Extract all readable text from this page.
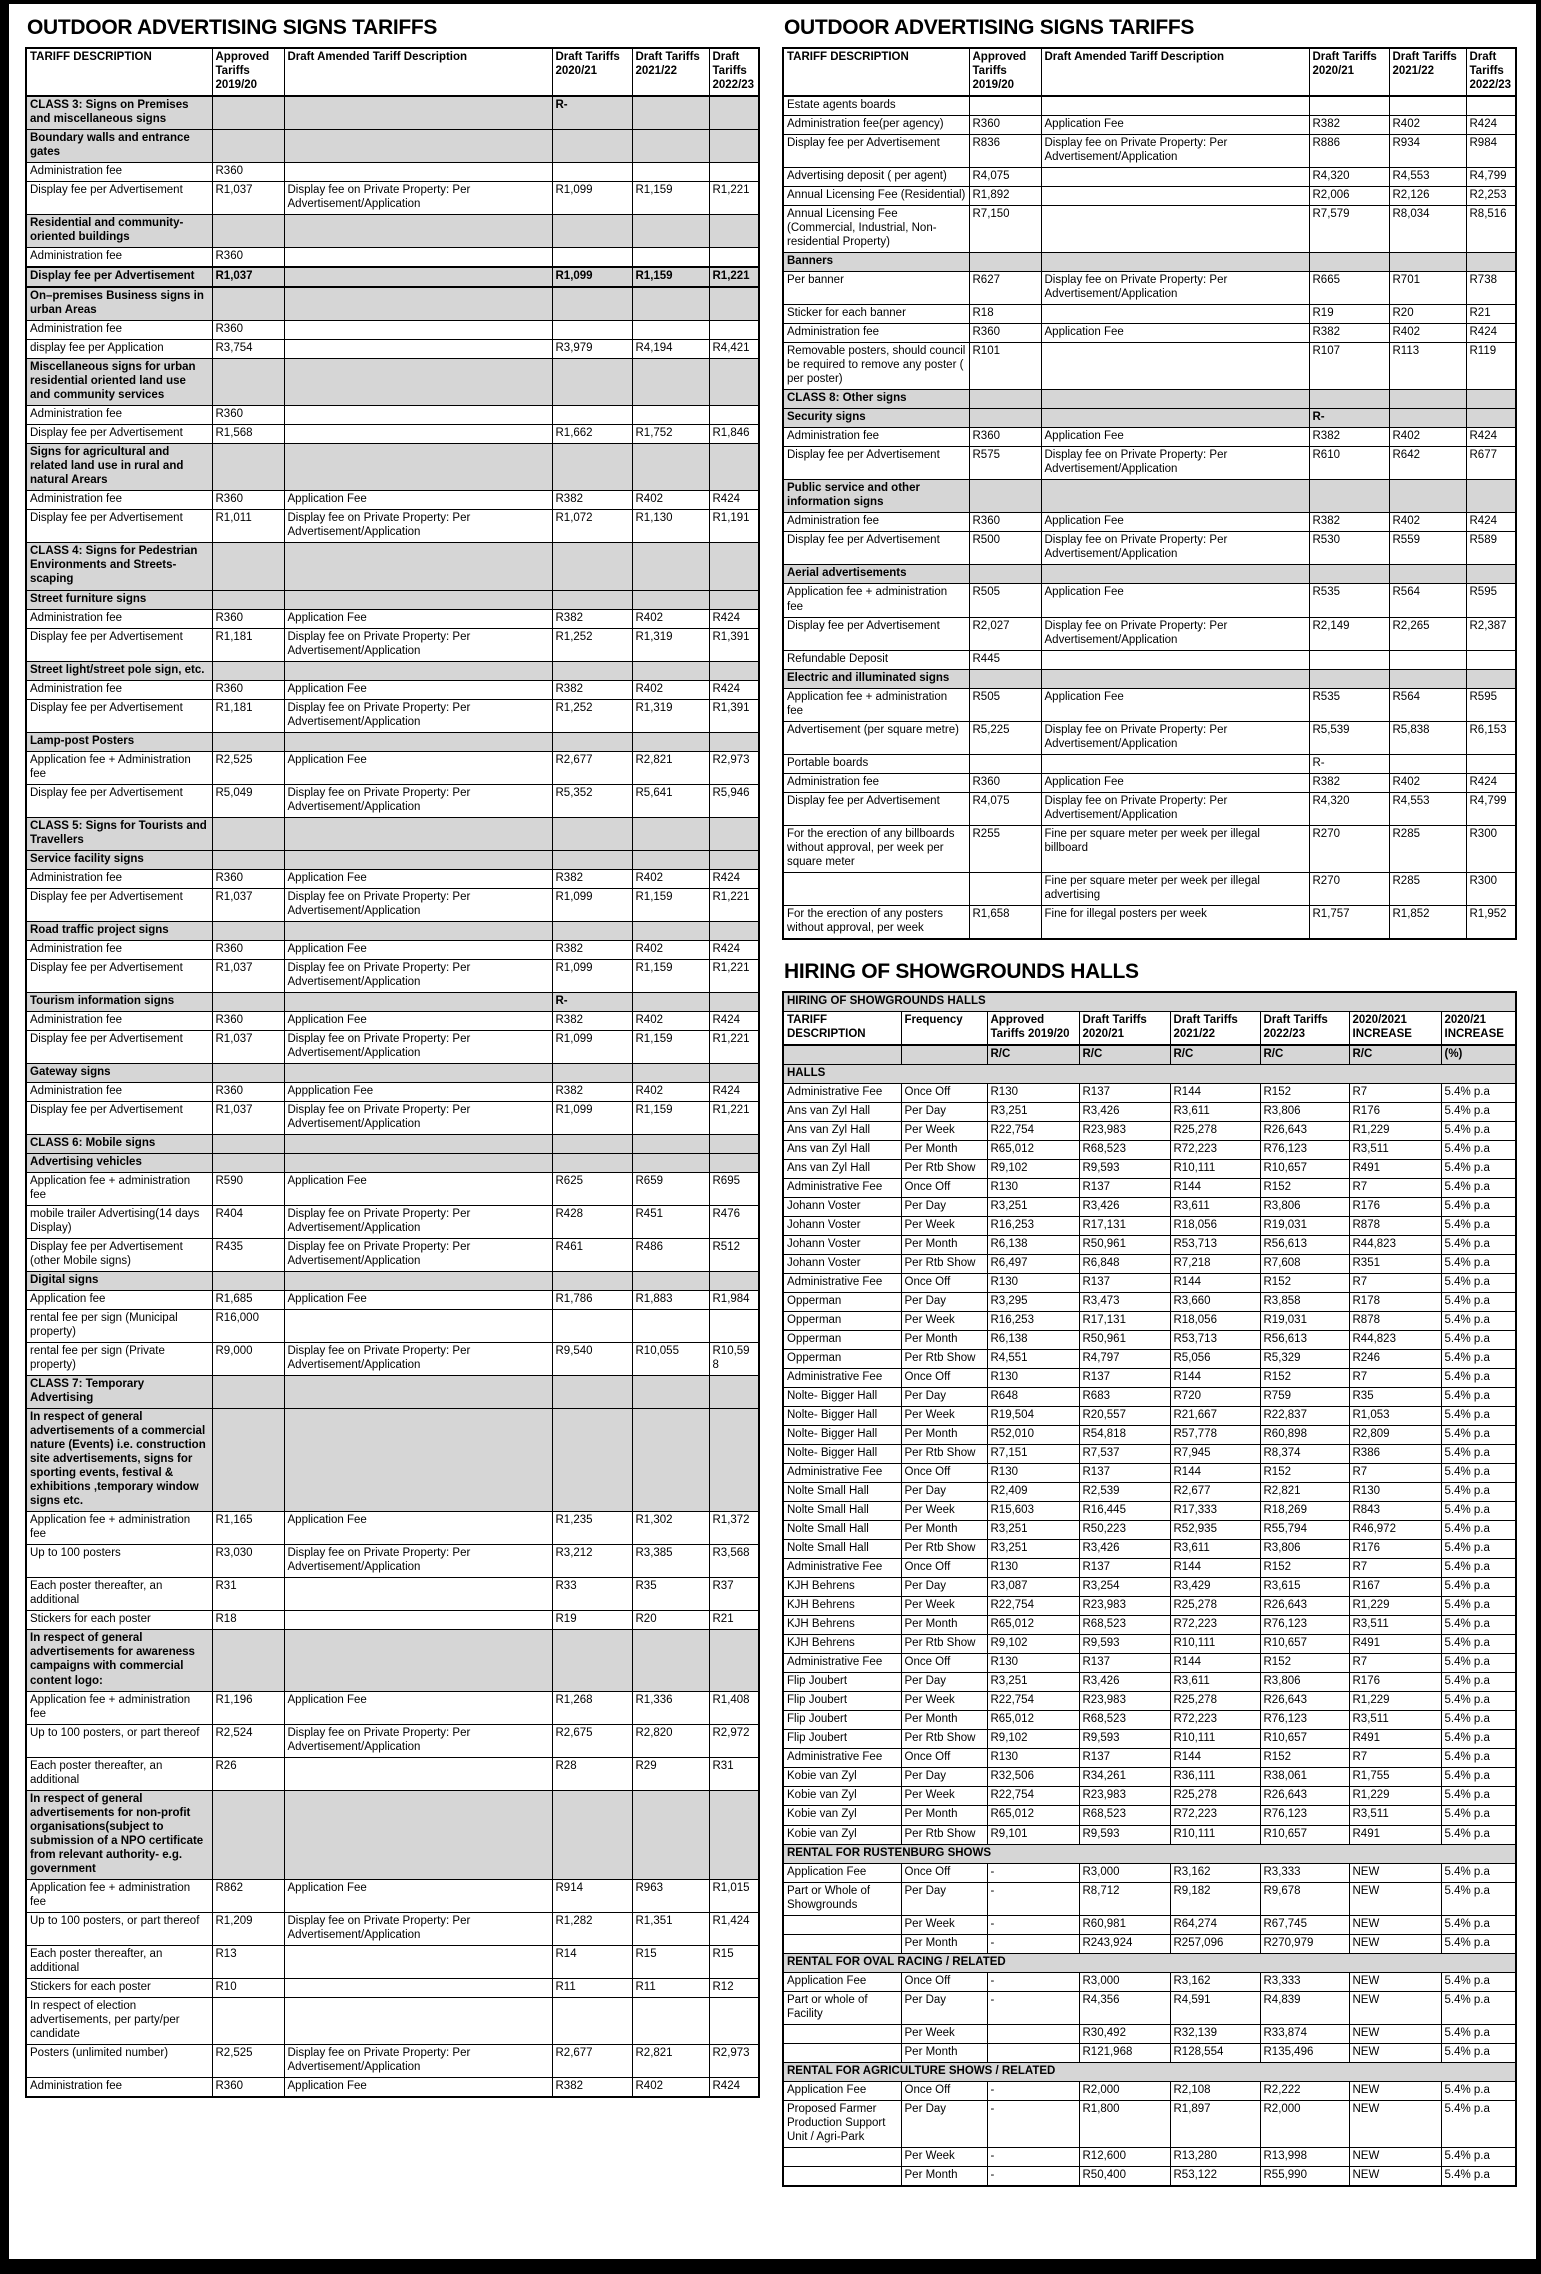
OUTDOOR ADVERTISING SIGNS TARIFFS
TARIFF DESCRIPTION	Approved Tariffs 2019/20	Draft Amended Tariff Description	Draft Tariffs 2020/21	Draft Tariffs 2021/22	Draft Tariffs 2022/23
CLASS 3: Signs on Premises and miscellaneous signs			R-		
Boundary walls and entrance gates					
Administration fee	R360				
Display fee per Advertisement	R1,037	Display fee on Private Property: Per Advertisement/Application	R1,099	R1,159	R1,221
Residential and community-oriented buildings					
Administration fee	R360				
Display fee per Advertisement	R1,037		R1,099	R1,159	R1,221
On–premises Business signs in urban Areas					
Administration fee	R360				
display fee per Application	R3,754		R3,979	R4,194	R4,421
Miscellaneous signs for urban residential oriented land use and community services					
Administration fee	R360				
Display fee per Advertisement	R1,568		R1,662	R1,752	R1,846
Signs for agricultural and related land use in rural and natural Arears					
Administration fee	R360	Application Fee	R382	R402	R424
Display fee per Advertisement	R1,011	Display fee on Private Property: Per Advertisement/Application	R1,072	R1,130	R1,191
CLASS 4: Signs for Pedestrian Environments and Streets-scaping					
Street furniture signs					
Administration fee	R360	Application Fee	R382	R402	R424
Display fee per Advertisement	R1,181	Display fee on Private Property: Per Advertisement/Application	R1,252	R1,319	R1,391
Street light/street pole sign, etc.					
Administration fee	R360	Application Fee	R382	R402	R424
Display fee per Advertisement	R1,181	Display fee on Private Property: Per Advertisement/Application	R1,252	R1,319	R1,391
Lamp-post Posters					
Application fee + Administration fee	R2,525	Application Fee	R2,677	R2,821	R2,973
Display fee per Advertisement	R5,049	Display fee on Private Property: Per Advertisement/Application	R5,352	R5,641	R5,946
CLASS 5: Signs for Tourists and Travellers					
Service facility signs					
Administration fee	R360	Application Fee	R382	R402	R424
Display fee per Advertisement	R1,037	Display fee on Private Property: Per Advertisement/Application	R1,099	R1,159	R1,221
Road traffic project signs					
Administration fee	R360	Application Fee	R382	R402	R424
Display fee per Advertisement	R1,037	Display fee on Private Property: Per Advertisement/Application	R1,099	R1,159	R1,221
Tourism information signs			R-		
Administration fee	R360	Application Fee	R382	R402	R424
Display fee per Advertisement	R1,037	Display fee on Private Property: Per Advertisement/Application	R1,099	R1,159	R1,221
Gateway signs					
Administration fee	R360	Appplication Fee	R382	R402	R424
Display fee per Advertisement	R1,037	Display fee on Private Property: Per Advertisement/Application	R1,099	R1,159	R1,221
CLASS 6: Mobile signs					
Advertising vehicles					
Application fee + administration fee	R590	Application Fee	R625	R659	R695
mobile trailer Advertising(14 days Display)	R404	Display fee on Private Property: Per Advertisement/Application	R428	R451	R476
Display fee per Advertisement (other Mobile signs)	R435	Display fee on Private Property: Per Advertisement/Application	R461	R486	R512
Digital signs					
Application fee	R1,685	Application Fee	R1,786	R1,883	R1,984
rental fee per sign (Municipal property)	R16,000				
rental fee per sign (Private property)	R9,000	Display fee on Private Property: Per Advertisement/Application	R9,540	R10,055	R10,598
CLASS 7: Temporary Advertising					
In respect of general advertisements of a commercial nature (Events) i.e. construction site advertisements, signs for sporting events, festival & exhibitions ,temporary window signs etc.					
Application fee + administration fee	R1,165	Application Fee	R1,235	R1,302	R1,372
Up to 100 posters	R3,030	Display fee on Private Property: Per Advertisement/Application	R3,212	R3,385	R3,568
Each poster thereafter, an additional	R31		R33	R35	R37
Stickers for each poster	R18		R19	R20	R21
In respect of general advertisements for awareness campaigns with commercial content logo:					
Application fee + administration fee	R1,196	Application Fee	R1,268	R1,336	R1,408
Up to 100 posters, or part thereof	R2,524	Display fee on Private Property: Per Advertisement/Application	R2,675	R2,820	R2,972
Each poster thereafter, an additional	R26		R28	R29	R31
In respect of general advertisements for non-profit organisations(subject to submission of a NPO certificate from relevant authority- e.g. government					
Application fee + administration fee	R862	Application Fee	R914	R963	R1,015
Up to 100 posters, or part thereof	R1,209	Display fee on Private Property: Per Advertisement/Application	R1,282	R1,351	R1,424
Each poster thereafter, an additional	R13		R14	R15	R15
Stickers for each poster	R10		R11	R11	R12
In respect of election advertisements, per party/per candidate					
Posters (unlimited number)	R2,525	Display fee on Private Property: Per Advertisement/Application	R2,677	R2,821	R2,973
Administration fee	R360	Application Fee	R382	R402	R424
OUTDOOR ADVERTISING SIGNS TARIFFS
TARIFF DESCRIPTION	Approved Tariffs 2019/20	Draft Amended Tariff Description	Draft Tariffs 2020/21	Draft Tariffs 2021/22	Draft Tariffs 2022/23
Estate agents boards					
Administration fee(per agency)	R360	Application Fee	R382	R402	R424
Display fee per Advertisement	R836	Display fee on Private Property: Per Advertisement/Application	R886	R934	R984
Advertising deposit ( per agent)	R4,075		R4,320	R4,553	R4,799
Annual Licensing Fee (Residential)	R1,892		R2,006	R2,126	R2,253
Annual Licensing Fee (Commercial, Industrial, Non-residential Property)	R7,150		R7,579	R8,034	R8,516
Banners					
Per banner	R627	Display fee on Private Property: Per Advertisement/Application	R665	R701	R738
Sticker for each banner	R18		R19	R20	R21
Administration fee	R360	Application Fee	R382	R402	R424
Removable posters, should council be required to remove any poster ( per poster)	R101		R107	R113	R119
CLASS 8: Other signs					
Security signs			R-		
Administration fee	R360	Application Fee	R382	R402	R424
Display fee per Advertisement	R575	Display fee on Private Property: Per Advertisement/Application	R610	R642	R677
Public service and other information signs					
Administration fee	R360	Application Fee	R382	R402	R424
Display fee per Advertisement	R500	Display fee on Private Property: Per Advertisement/Application	R530	R559	R589
Aerial advertisements					
Application fee + administration fee	R505	Application Fee	R535	R564	R595
Display fee per Advertisement	R2,027	Display fee on Private Property: Per Advertisement/Application	R2,149	R2,265	R2,387
Refundable Deposit	R445				
Electric and illuminated signs					
Application fee + administration fee	R505	Application Fee	R535	R564	R595
Advertisement (per square metre)	R5,225	Display fee on Private Property: Per Advertisement/Application	R5,539	R5,838	R6,153
Portable boards			R-		
Administration fee	R360	Application Fee	R382	R402	R424
Display fee per Advertisement	R4,075	Display fee on Private Property: Per Advertisement/Application	R4,320	R4,553	R4,799
For the erection of any billboards without approval, per week per square meter	R255	Fine per square meter per week per illegal billboard	R270	R285	R300
		Fine per square meter per week per illegal advertising	R270	R285	R300
For the erection of any posters without approval, per week	R1,658	Fine for illegal posters per week	R1,757	R1,852	R1,952
HIRING OF SHOWGROUNDS HALLS
HIRING OF SHOWGROUNDS HALLS							
TARIFF DESCRIPTION	Frequency	Approved Tariffs 2019/20	Draft Tariffs 2020/21	Draft Tariffs 2021/22	Draft Tariffs 2022/23	2020/2021 INCREASE	2020/21 INCREASE
		R/C	R/C	R/C	R/C	R/C	(%)
HALLS							
Administrative Fee	Once Off	R130	R137	R144	R152	R7	5.4% p.a
Ans van Zyl Hall	Per Day	R3,251	R3,426	R3,611	R3,806	R176	5.4% p.a
Ans van Zyl Hall	Per Week	R22,754	R23,983	R25,278	R26,643	R1,229	5.4% p.a
Ans van Zyl Hall	Per Month	R65,012	R68,523	R72,223	R76,123	R3,511	5.4% p.a
Ans van Zyl Hall	Per Rtb Show	R9,102	R9,593	R10,111	R10,657	R491	5.4% p.a
Administrative Fee	Once Off	R130	R137	R144	R152	R7	5.4% p.a
Johann Voster	Per Day	R3,251	R3,426	R3,611	R3,806	R176	5.4% p.a
Johann Voster	Per Week	R16,253	R17,131	R18,056	R19,031	R878	5.4% p.a
Johann Voster	Per Month	R6,138	R50,961	R53,713	R56,613	R44,823	5.4% p.a
Johann Voster	Per Rtb Show	R6,497	R6,848	R7,218	R7,608	R351	5.4% p.a
Administrative Fee	Once Off	R130	R137	R144	R152	R7	5.4% p.a
Opperman	Per Day	R3,295	R3,473	R3,660	R3,858	R178	5.4% p.a
Opperman	Per Week	R16,253	R17,131	R18,056	R19,031	R878	5.4% p.a
Opperman	Per Month	R6,138	R50,961	R53,713	R56,613	R44,823	5.4% p.a
Opperman	Per Rtb Show	R4,551	R4,797	R5,056	R5,329	R246	5.4% p.a
Administrative Fee	Once Off	R130	R137	R144	R152	R7	5.4% p.a
Nolte- Bigger Hall	Per Day	R648	R683	R720	R759	R35	5.4% p.a
Nolte- Bigger Hall	Per Week	R19,504	R20,557	R21,667	R22,837	R1,053	5.4% p.a
Nolte- Bigger Hall	Per Month	R52,010	R54,818	R57,778	R60,898	R2,809	5.4% p.a
Nolte- Bigger Hall	Per Rtb Show	R7,151	R7,537	R7,945	R8,374	R386	5.4% p.a
Administrative Fee	Once Off	R130	R137	R144	R152	R7	5.4% p.a
Nolte Small Hall	Per Day	R2,409	R2,539	R2,677	R2,821	R130	5.4% p.a
Nolte Small Hall	Per Week	R15,603	R16,445	R17,333	R18,269	R843	5.4% p.a
Nolte Small Hall	Per Month	R3,251	R50,223	R52,935	R55,794	R46,972	5.4% p.a
Nolte Small Hall	Per Rtb Show	R3,251	R3,426	R3,611	R3,806	R176	5.4% p.a
Administrative Fee	Once Off	R130	R137	R144	R152	R7	5.4% p.a
KJH Behrens	Per Day	R3,087	R3,254	R3,429	R3,615	R167	5.4% p.a
KJH Behrens	Per Week	R22,754	R23,983	R25,278	R26,643	R1,229	5.4% p.a
KJH Behrens	Per Month	R65,012	R68,523	R72,223	R76,123	R3,511	5.4% p.a
KJH Behrens	Per Rtb Show	R9,102	R9,593	R10,111	R10,657	R491	5.4% p.a
Administrative Fee	Once Off	R130	R137	R144	R152	R7	5.4% p.a
Flip Joubert	Per Day	R3,251	R3,426	R3,611	R3,806	R176	5.4% p.a
Flip Joubert	Per Week	R22,754	R23,983	R25,278	R26,643	R1,229	5.4% p.a
Flip Joubert	Per Month	R65,012	R68,523	R72,223	R76,123	R3,511	5.4% p.a
Flip Joubert	Per Rtb Show	R9,102	R9,593	R10,111	R10,657	R491	5.4% p.a
Administrative Fee	Once Off	R130	R137	R144	R152	R7	5.4% p.a
Kobie van Zyl	Per Day	R32,506	R34,261	R36,111	R38,061	R1,755	5.4% p.a
Kobie van Zyl	Per Week	R22,754	R23,983	R25,278	R26,643	R1,229	5.4% p.a
Kobie van Zyl	Per Month	R65,012	R68,523	R72,223	R76,123	R3,511	5.4% p.a
Kobie van Zyl	Per Rtb Show	R9,101	R9,593	R10,111	R10,657	R491	5.4% p.a
RENTAL FOR RUSTENBURG SHOWS							
Application Fee	Once Off	-	R3,000	R3,162	R3,333	NEW	5.4% p.a
Part or Whole of Showgrounds	Per Day	-	R8,712	R9,182	R9,678	NEW	5.4% p.a
	Per Week	-	R60,981	R64,274	R67,745	NEW	5.4% p.a
	Per Month	-	R243,924	R257,096	R270,979	NEW	5.4% p.a
RENTAL FOR OVAL RACING / RELATED							
Application Fee	Once Off	-	R3,000	R3,162	R3,333	NEW	5.4% p.a
Part or whole of Facility	Per Day	-	R4,356	R4,591	R4,839	NEW	5.4% p.a
	Per Week		R30,492	R32,139	R33,874	NEW	5.4% p.a
	Per Month		R121,968	R128,554	R135,496	NEW	5.4% p.a
RENTAL FOR AGRICULTURE SHOWS / RELATED							
Application Fee	Once Off	-	R2,000	R2,108	R2,222	NEW	5.4% p.a
Proposed Farmer Production Support Unit / Agri-Park	Per Day	-	R1,800	R1,897	R2,000	NEW	5.4% p.a
	Per Week	-	R12,600	R13,280	R13,998	NEW	5.4% p.a
	Per Month	-	R50,400	R53,122	R55,990	NEW	5.4% p.a
